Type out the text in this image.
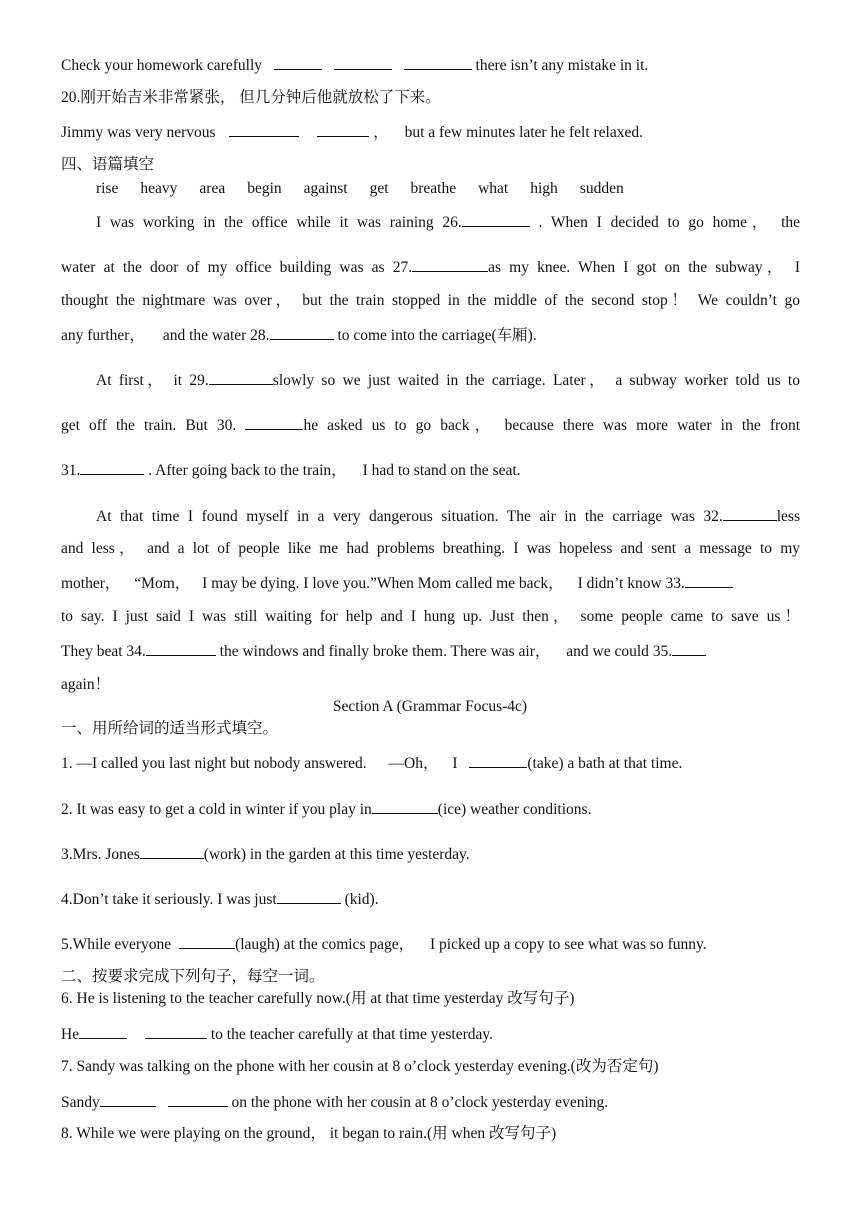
Check your homework carefully	there isn’t any mistake in it.
20.刚开始吉米非常紧张， 但几分钟后他就放松了下来。
Jimmy was very nervous	， but a few minutes later he felt relaxed.
四、语篇填空
rise heavy area begin against get breathe what high sudden
I was working in the office while it was raining 26.	. When I decided to go home， the
water at the door of my office building was as 27.	as my knee. When I got on the subway， I
thought the nightmare was over， but the train stopped in the middle of the second stop！ We couldn’t go
any further， and the water 28.	to come into the carriage(车厢).
At first， it 29.	slowly so we just waited in the carriage. Later， a subway worker told us to
get off the train. But 30.	he asked us to go back， because there was more water in the front
31.	. After going back to the train， I had to stand on the seat.
At that time I found myself in a very dangerous situation. The air in the carriage was 32.	less
and less， and a lot of people like me had problems breathing. I was hopeless and sent a message to my
mother， “Mom， I may be dying. I love you.”When Mom called me back， I didn’t know 33.
to say. I just said I was still waiting for help and I hung up. Just then， some people came to save us！
They beat 34.	the windows and finally broke them. There was air， and we could 35.
again！
Section A (Grammar Focus-4c)
一、用所给词的适当形式填空。
1. —I called you last night but nobody answered. —Oh， I	(take) a bath at that time.
2. It was easy to get a cold in winter if you play in	(ice) weather conditions.
3.Mrs. Jones	(work) in the garden at this time yesterday.
4.Don’t take it seriously. I was just	(kid).
5.While everyone	(laugh) at the comics page， I picked up a copy to see what was so funny.
二、按要求完成下列句子，每空一词。
6. He is listening to the teacher carefully now.(用 at that time yesterday 改写句子)
He	to the teacher carefully at that time yesterday.
7. Sandy was talking on the phone with her cousin at 8 o’clock yesterday evening.(改为否定句)
Sandy	on the phone with her cousin at 8 o’clock yesterday evening.
8. While we were playing on the ground， it began to rain.(用 when 改写句子)
